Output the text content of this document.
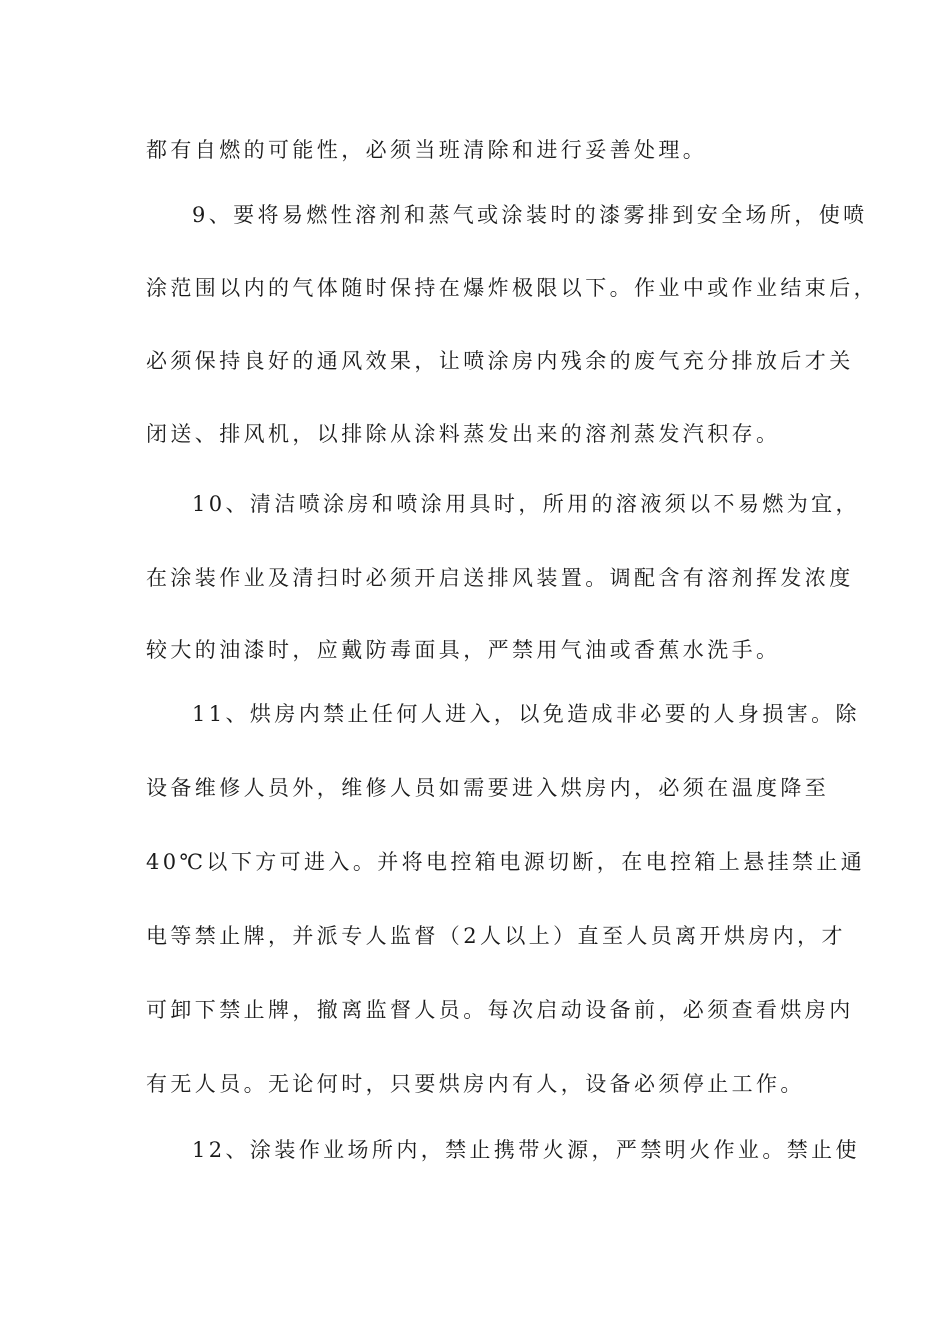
都有自燃的可能性，必须当班清除和进行妥善处理。
9、要将易燃性溶剂和蒸气或涂装时的漆雾排到安全场所，使喷
涂范围以内的气体随时保持在爆炸极限以下。作业中或作业结束后，
必须保持良好的通风效果，让喷涂房内残余的废气充分排放后才关
闭送、排风机，以排除从涂料蒸发出来的溶剂蒸发汽积存。
10、清洁喷涂房和喷涂用具时，所用的溶液须以不易燃为宜，
在涂装作业及清扫时必须开启送排风装置。调配含有溶剂挥发浓度
较大的油漆时，应戴防毒面具，严禁用气油或香蕉水洗手。
11、烘房内禁止任何人进入，以免造成非必要的人身损害。除
设备维修人员外，维修人员如需要进入烘房内，必须在温度降至
40℃以下方可进入。并将电控箱电源切断，在电控箱上悬挂禁止通
电等禁止牌，并派专人监督（2人以上）直至人员离开烘房内，才
可卸下禁止牌，撤离监督人员。每次启动设备前，必须查看烘房内
有无人员。无论何时，只要烘房内有人，设备必须停止工作。
12、涂装作业场所内，禁止携带火源，严禁明火作业。禁止使
